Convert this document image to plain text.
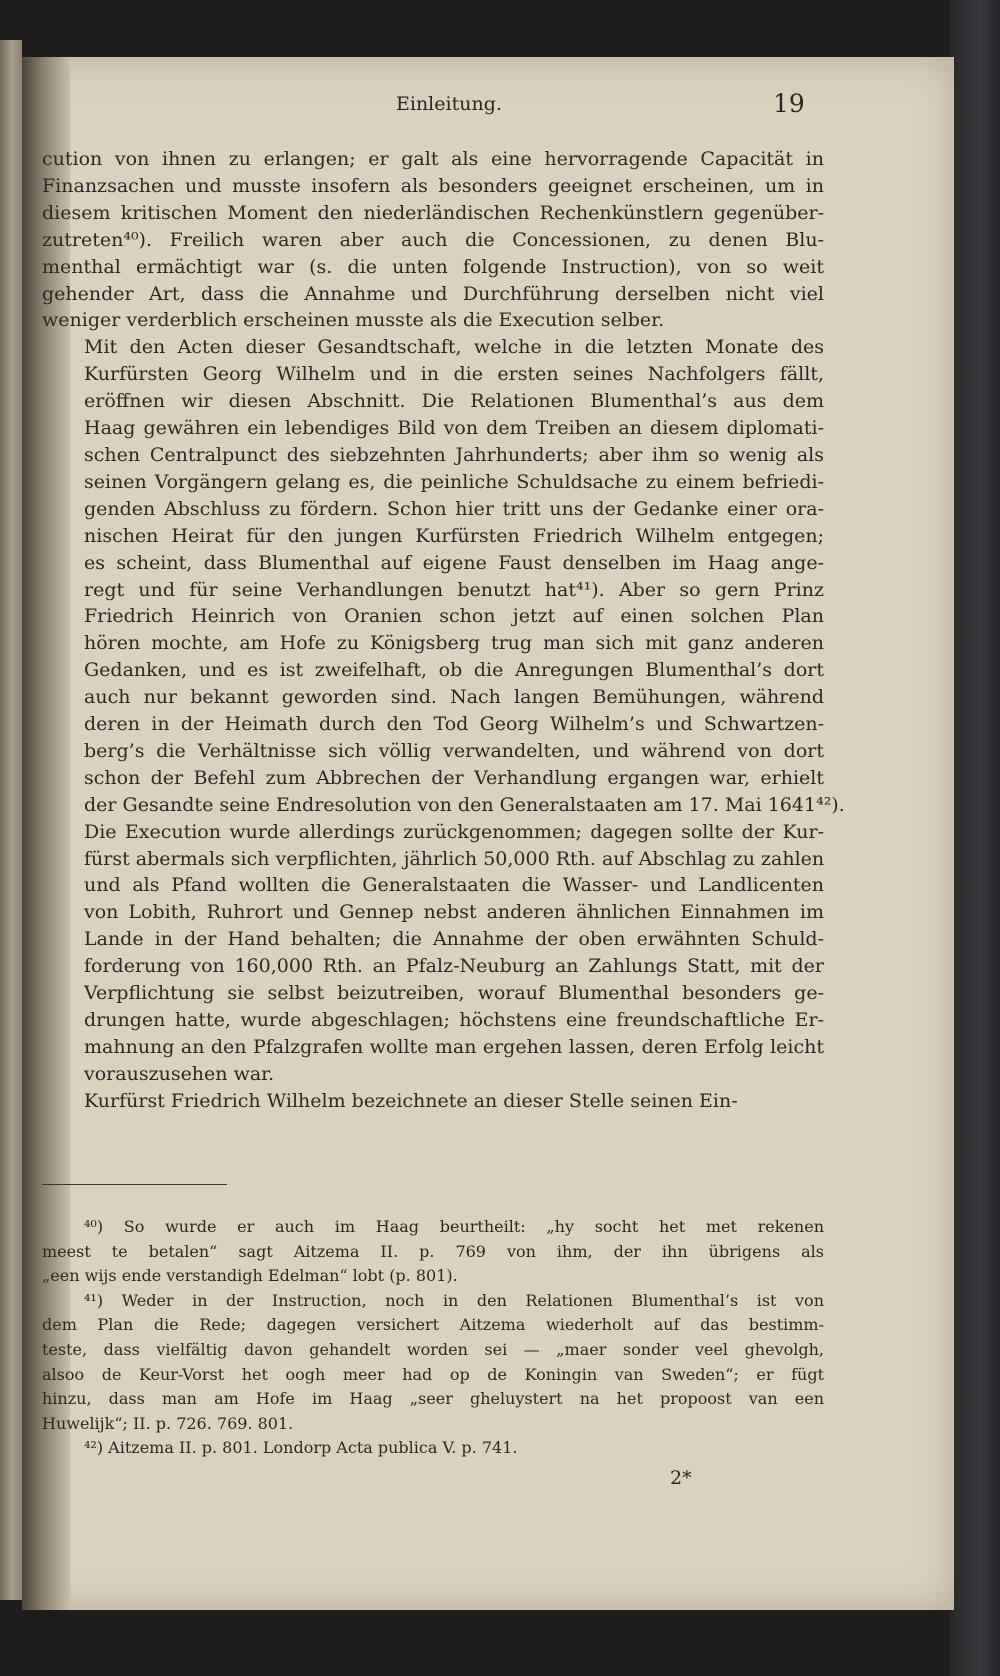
Einleitung.	19

cution von ihnen zu erlangen; er galt als eine hervorragende Capacität in
Finanzsachen und musste insofern als besonders geeignet erscheinen, um in
diesem kritischen Moment den niederländischen Rechenkünstlern gegenüber-
zutreten⁴⁰). Freilich waren aber auch die Concessionen, zu denen Blu-
menthal ermächtigt war (s. die unten folgende Instruction), von so weit
gehender Art, dass die Annahme und Durchführung derselben nicht viel
weniger verderblich erscheinen musste als die Execution selber.

Mit den Acten dieser Gesandtschaft, welche in die letzten Monate des
Kurfürsten Georg Wilhelm und in die ersten seines Nachfolgers fällt,
eröffnen wir diesen Abschnitt. Die Relationen Blumenthal’s aus dem
Haag gewähren ein lebendiges Bild von dem Treiben an diesem diplomati-
schen Centralpunct des siebzehnten Jahrhunderts; aber ihm so wenig als
seinen Vorgängern gelang es, die peinliche Schuldsache zu einem befriedi-
genden Abschluss zu fördern. Schon hier tritt uns der Gedanke einer ora-
nischen Heirat für den jungen Kurfürsten Friedrich Wilhelm entgegen;
es scheint, dass Blumenthal auf eigene Faust denselben im Haag ange-
regt und für seine Verhandlungen benutzt hat⁴¹). Aber so gern Prinz
Friedrich Heinrich von Oranien schon jetzt auf einen solchen Plan
hören mochte, am Hofe zu Königsberg trug man sich mit ganz anderen
Gedanken, und es ist zweifelhaft, ob die Anregungen Blumenthal’s dort
auch nur bekannt geworden sind. Nach langen Bemühungen, während
deren in der Heimath durch den Tod Georg Wilhelm’s und Schwartzen-
berg’s die Verhältnisse sich völlig verwandelten, und während von dort
schon der Befehl zum Abbrechen der Verhandlung ergangen war, erhielt
der Gesandte seine Endresolution von den Generalstaaten am 17. Mai 1641⁴²).
Die Execution wurde allerdings zurückgenommen; dagegen sollte der Kur-
fürst abermals sich verpflichten, jährlich 50,000 Rth. auf Abschlag zu zahlen
und als Pfand wollten die Generalstaaten die Wasser- und Landlicenten
von Lobith, Ruhrort und Gennep nebst anderen ähnlichen Einnahmen im
Lande in der Hand behalten; die Annahme der oben erwähnten Schuld-
forderung von 160,000 Rth. an Pfalz-Neuburg an Zahlungs Statt, mit der
Verpflichtung sie selbst beizutreiben, worauf Blumenthal besonders ge-
drungen hatte, wurde abgeschlagen; höchstens eine freundschaftliche Er-
mahnung an den Pfalzgrafen wollte man ergehen lassen, deren Erfolg leicht
vorauszusehen war.

Kurfürst Friedrich Wilhelm bezeichnete an dieser Stelle seinen Ein-

⁴⁰) So wurde er auch im Haag beurtheilt: „hy socht het met rekenen
meest te betalen“ sagt Aitzema II. p. 769 von ihm, der ihn übrigens als
„een wijs ende verstandigh Edelman“ lobt (p. 801).
⁴¹) Weder in der Instruction, noch in den Relationen Blumenthal’s ist von
dem Plan die Rede; dagegen versichert Aitzema wiederholt auf das bestimm-
teste, dass vielfältig davon gehandelt worden sei — „maer sonder veel ghevolgh,
alsoo de Keur-Vorst het oogh meer had op de Koningin van Sweden“; er fügt
hinzu, dass man am Hofe im Haag „seer gheluystert na het propoost van een
Huwelijk“; II. p. 726. 769. 801.
⁴²) Aitzema II. p. 801. Londorp Acta publica V. p. 741.
2*
